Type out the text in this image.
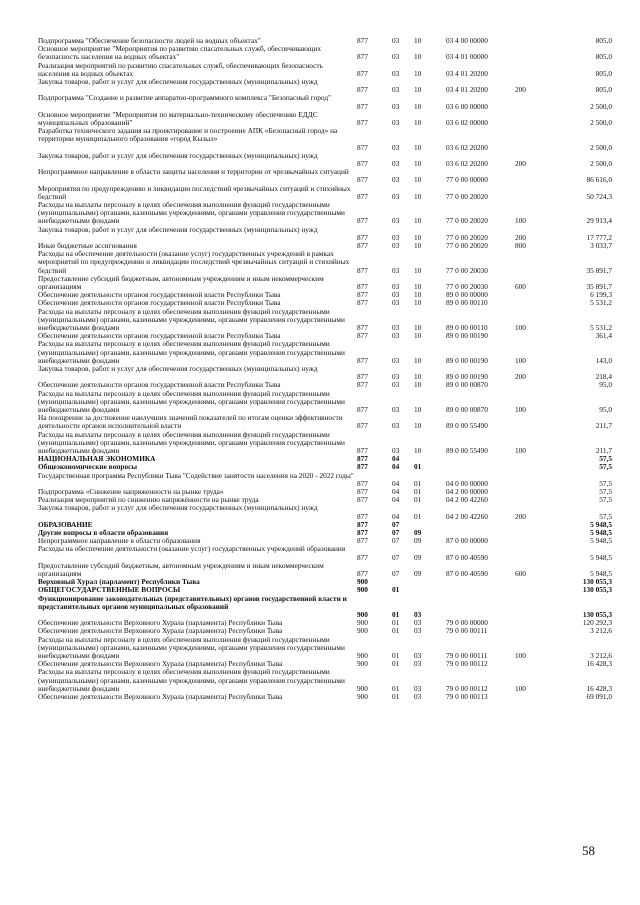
Подпрограмма "Обеспечение безопасности людей на водных объектах"	877	03	10	03 4 00 00000	805,0
Основное мероприятие "Мероприятия по развитию спасательных служб, обеспечивающих безопасность населения на водных объектах"	877	03	10	03 4 01 00000	805,0
Реализация мероприятий по развитию спасательных служб, обеспечивающих безопасность населения на водных объектах	877	03	10	03 4 01 20200	805,0
Закупка товаров, работ и услуг для обеспечения государственных (муниципальных) нужд
877	03	10	03 4 01 20200	200	805,0
Подпрограмма "Создание и развитие аппаратно-программного комплекса "Безопасный город"
877	03	10	03 6 00 00000	2 500,0
Основное мероприятие "Мероприятия по материально-техническому обеспечению ЕДДС муниципальных образований"	877	03	10	03 6 02 00000	2 500,0
Разработка технического задания на проектирование и построение АПК «Безопасный город» на территории муниципального образования «город Кызыл»
877	03	10	03 6 02 20200	2 500,0
Закупка товаров, работ и услуг для обеспечения государственных (муниципальных) нужд
877	03	10	03 6 02 20200	200	2 500,0
Непрограммное направление в области защиты населения и территории от чрезвычайных ситуаций
877	03	10	77 0 00 00000	86 616,0
Мероприятия по предупреждению и ликвидации последствий чрезвычайных ситуаций и стихийных бедствий	877	03	10	77 0 00 20020	50 724,3
Расходы на выплаты персоналу в целях обеспечения выполнения функций государственными (муниципальными) органами, казенными учреждениями, органами управления государственными внебюджетными фондами	877	03	10	77 0 00 20020	100	29 913,4
Закупка товаров, работ и услуг для обеспечения государственных (муниципальных) нужд
877	03	10	77 0 00 20020	200	17 777,2
Иные бюджетные ассигнования	877	03	10	77 0 00 20020	800	3 033,7
Расходы на обеспечение деятельности (оказание услуг) государственных учреждений в рамках мероприятий по предупреждению и ликвидации последствий чрезвычайных ситуаций и стихийных бедствий	877	03	10	77 0 00 20030	35 891,7
Предоставление субсидий бюджетным, автономным учреждениям и иным некоммерческим организациям	877	03	10	77 0 00 20030	600	35 891,7
Обеспечение деятельности органов государственной власти Республики Тыва	877	03	10	89 0 00 00000	6 199,3
Обеспечение деятельности органов государственной власти Республики Тыва	877	03	10	89 0 00 00110	5 531,2
Расходы на выплаты персоналу в целях обеспечения выполнения функций государственными (муниципальными) органами, казенными учреждениями, органами управления государственными внебюджетными фондами	877	03	10	89 0 00 00110	100	5 531,2
Обеспечение деятельности органов государственной власти Республики Тыва	877	03	10	89 0 00 00190	361,4
Расходы на выплаты персоналу в целях обеспечения выполнения функций государственными (муниципальными) органами, казенными учреждениями, органами управления государственными внебюджетными фондами	877	03	10	89 0 00 00190	100	143,0
Закупка товаров, работ и услуг для обеспечения государственных (муниципальных) нужд
877	03	10	89 0 00 00190	200	218,4
Обеспечение деятельности органов государственной власти Республики Тыва	877	03	10	89 0 00 00870	95,0
Расходы на выплаты персоналу в целях обеспечения выполнения функций государственными (муниципальными) органами, казенными учреждениями, органами управления государственными внебюджетными фондами	877	03	10	89 0 00 00870	100	95,0
На поощрение за достижение наилучших значений показателей по итогам оценки эффективности деятельности органов исполнительной власти	877	03	10	89 0 00 55490	211,7
Расходы на выплаты персоналу в целях обеспечения выполнения функций государственными (муниципальными) органами, казенными учреждениями, органами управления государственными внебюджетными фондами	877	03	10	89 0 00 55490	100	211,7
НАЦИОНАЛЬНАЯ ЭКОНОМИКА	877	04	57,5
Общеэкономические вопросы	877	04	01	57,5
Государственная программа Республики Тыва "Содействие занятости населения на 2020 - 2022 годы"
877	04	01	04 0 00 00000	57,5
Подпрограмма «Снижение напряженности на рынке труда»	877	04	01	04 2 00 00000	57,5
Реализация мероприятий по снижению напряжённости на рынке труда	877	04	01	04 2 00 42260	57,5
Закупка товаров, работ и услуг для обеспечения государственных (муниципальных) нужд
877	04	01	04 2 00 42260	200	57,5
ОБРАЗОВАНИЕ	877	07	5 948,5
Другие вопросы в области образования	877	07	09	5 948,5
Непрограммное направление в области образования	877	07	09	87 0 00 00000	5 948,5
Расходы на обеспечение деятельности (оказание услуг) государственных учреждений образования
877	07	09	87 0 00 40590	5 948,5
Предоставление субсидий бюджетным, автономным учреждениям и иным некоммерческим организациям	877	07	09	87 0 00 40590	600	5 948,5
Верховный Хурал (парламент) Республики Тыва	900	130 055,3
ОБЩЕГОСУДАРСТВЕННЫЕ ВОПРОСЫ	900	01	130 055,3
Функционирование законодательных (представительных) органов государственной власти и представительных органов муниципальных образований
900	01	03	130 055,3
Обеспечение деятельности Верховного Хурала (парламента) Республики Тыва	900	01	03	79 0 00 00000	120 292,3
Обеспечение деятельности Верховного Хурала (парламента) Республики Тыва	900	01	03	79 0 00 00111	3 212,6
Расходы на выплаты персоналу в целях обеспечения выполнения функций государственными (муниципальными) органами, казенными учреждениями, органами управления государственными внебюджетными фондами	900	01	03	79 0 00 00111	100	3 212,6
Обеспечение деятельности Верховного Хурала (парламента) Республики Тыва	900	01	03	79 0 00 00112	16 428,3
Расходы на выплаты персоналу в целях обеспечения выполнения функций государственными (муниципальными) органами, казенными учреждениями, органами управления государственными внебюджетными фондами	900	01	03	79 0 00 00112	100	16 428,3
Обеспечение деятельности Верховного Хурала (парламента) Республики Тыва	900	01	03	79 0 00 00113	69 091,0
58
